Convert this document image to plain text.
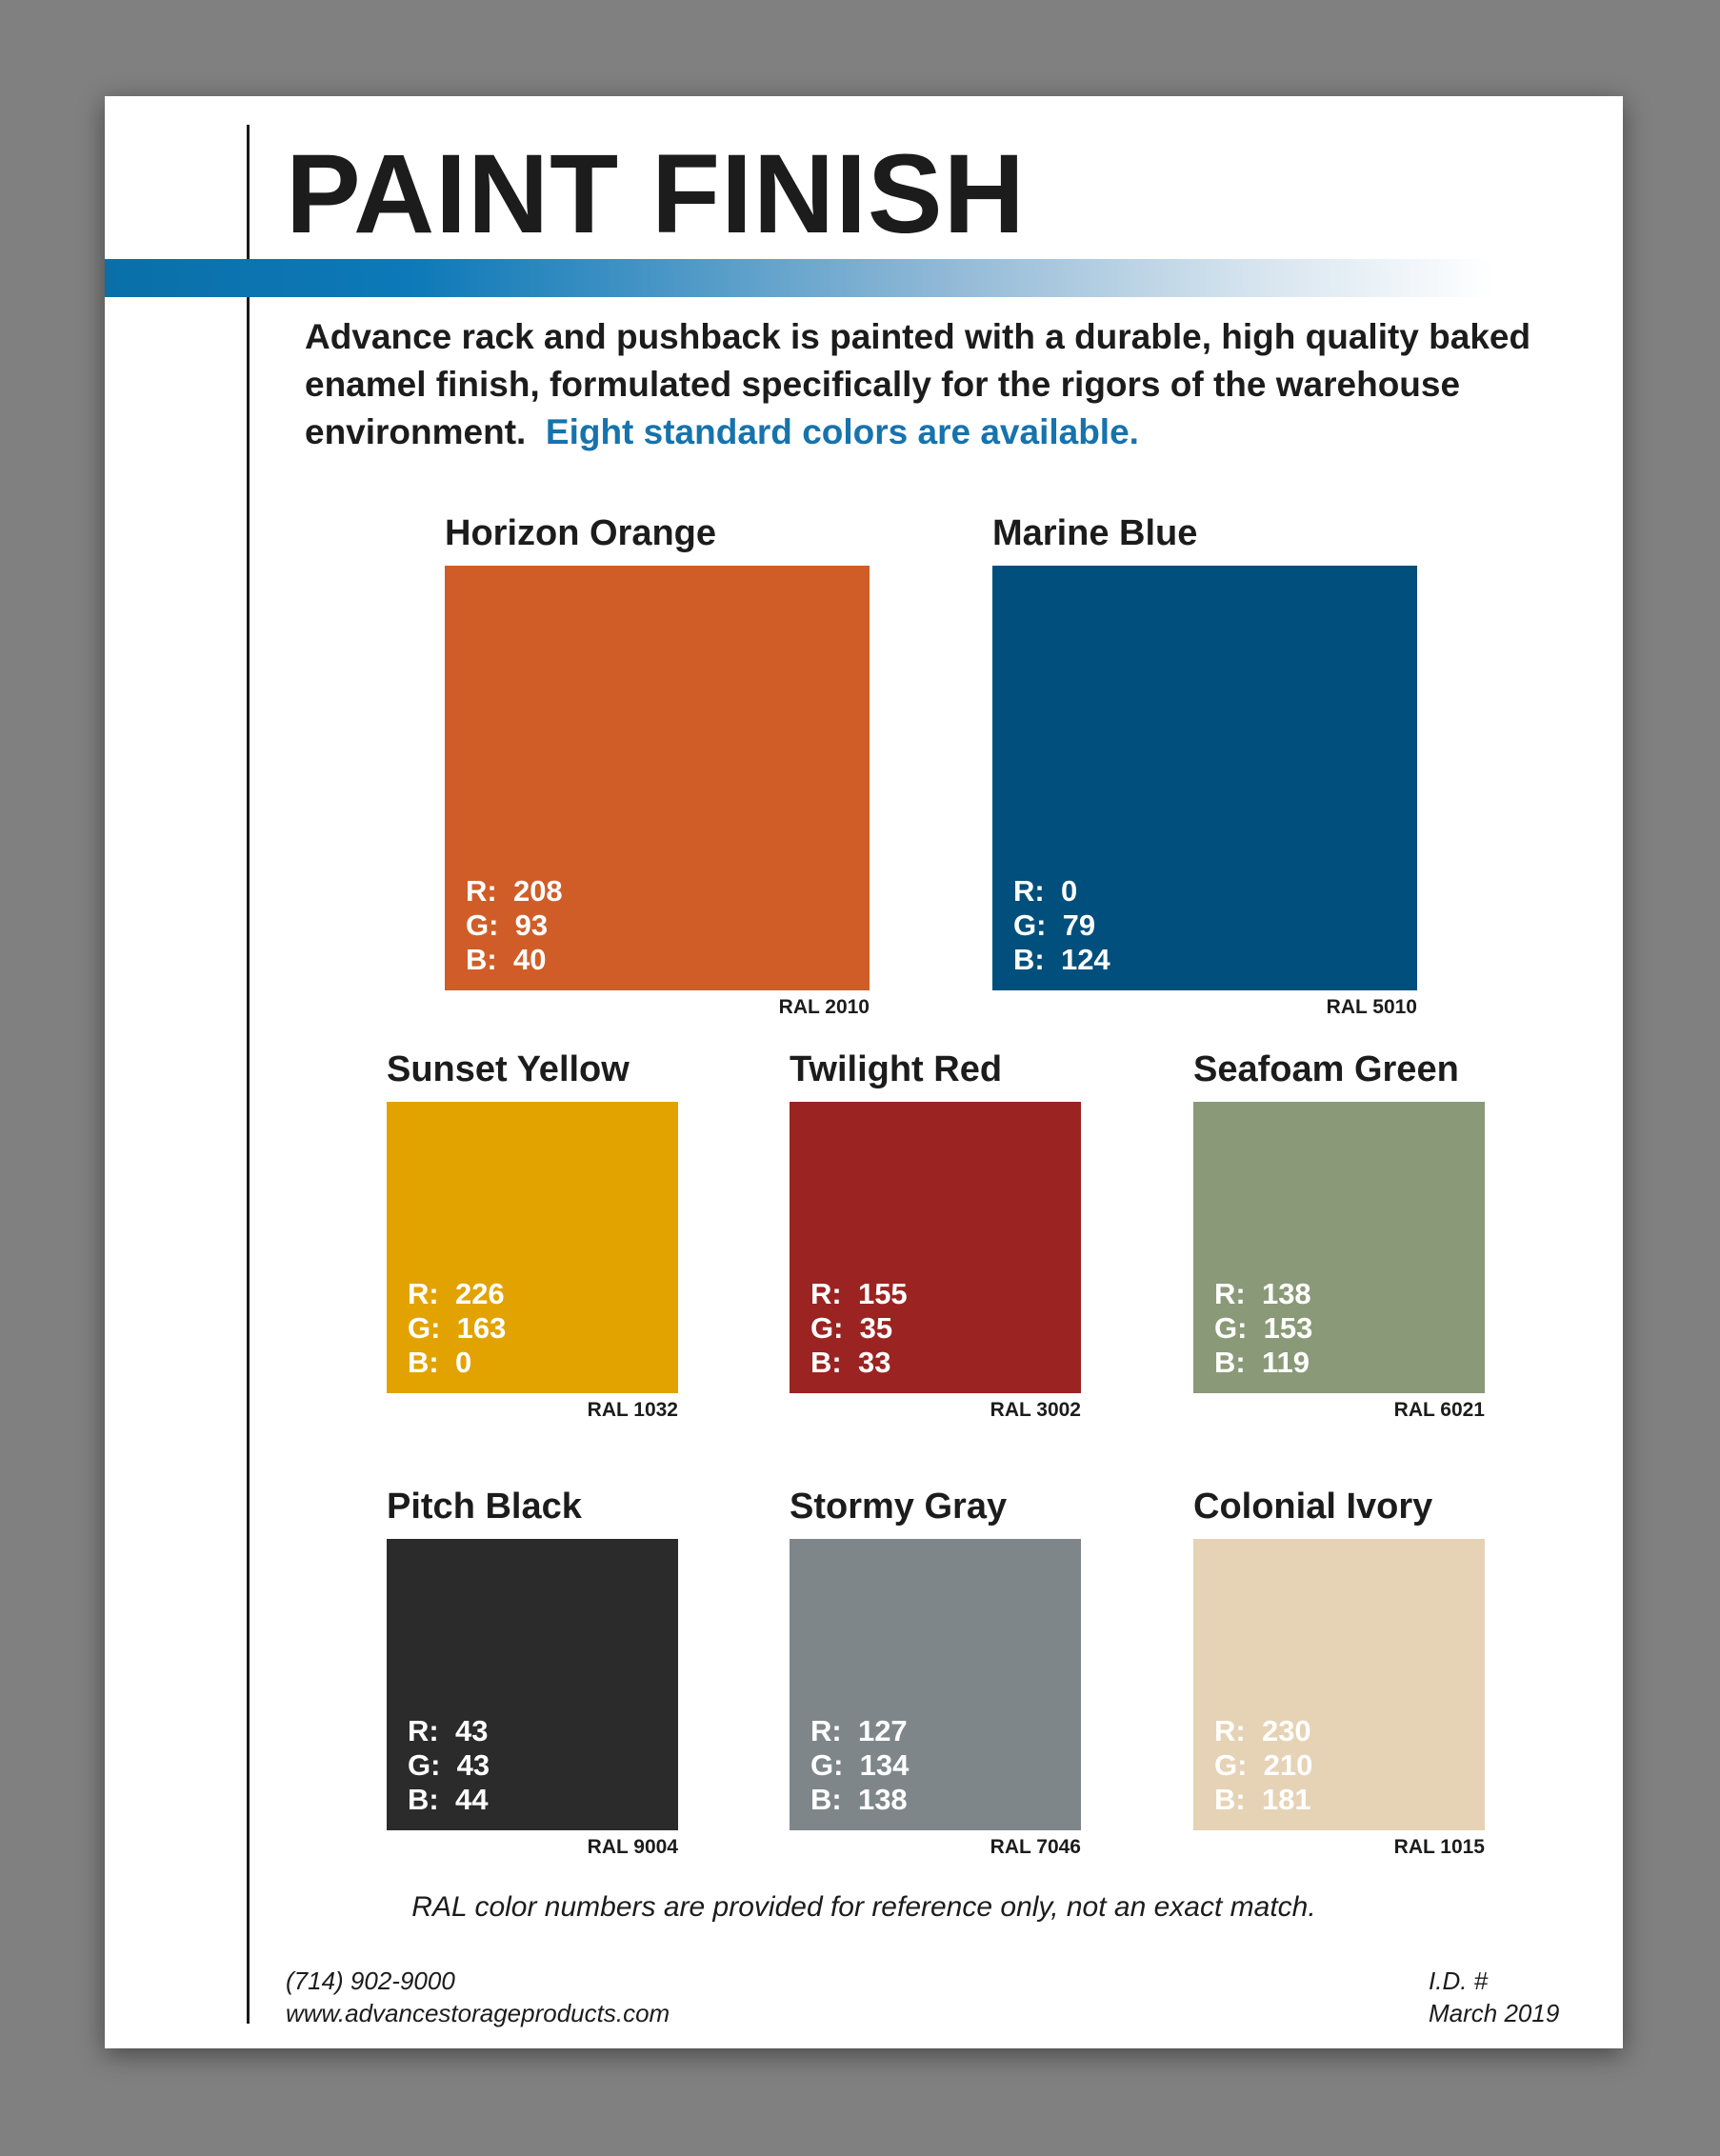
PAINT FINISH

Advance rack and pushback is painted with a durable, high quality baked enamel finish, formulated specifically for the rigors of the warehouse environment. Eight standard colors are available.

Horizon Orange
R: 208
G: 93
B: 40
RAL 2010
Marine Blue
R: 0
G: 79
B: 124
RAL 5010
Sunset Yellow
R: 226
G: 163
B: 0
RAL 1032
Twilight Red
R: 155
G: 35
B: 33
RAL 3002
Seafoam Green
R: 138
G: 153
B: 119
RAL 6021
Pitch Black
R: 43
G: 43
B: 44
RAL 9004
Stormy Gray
R: 127
G: 134
B: 138
RAL 7046
Colonial Ivory
R: 230
G: 210
B: 181
RAL 1015

RAL color numbers are provided for reference only, not an exact match.

(714) 902-9000
www.advancestorageproducts.com
I.D. #
March 2019
